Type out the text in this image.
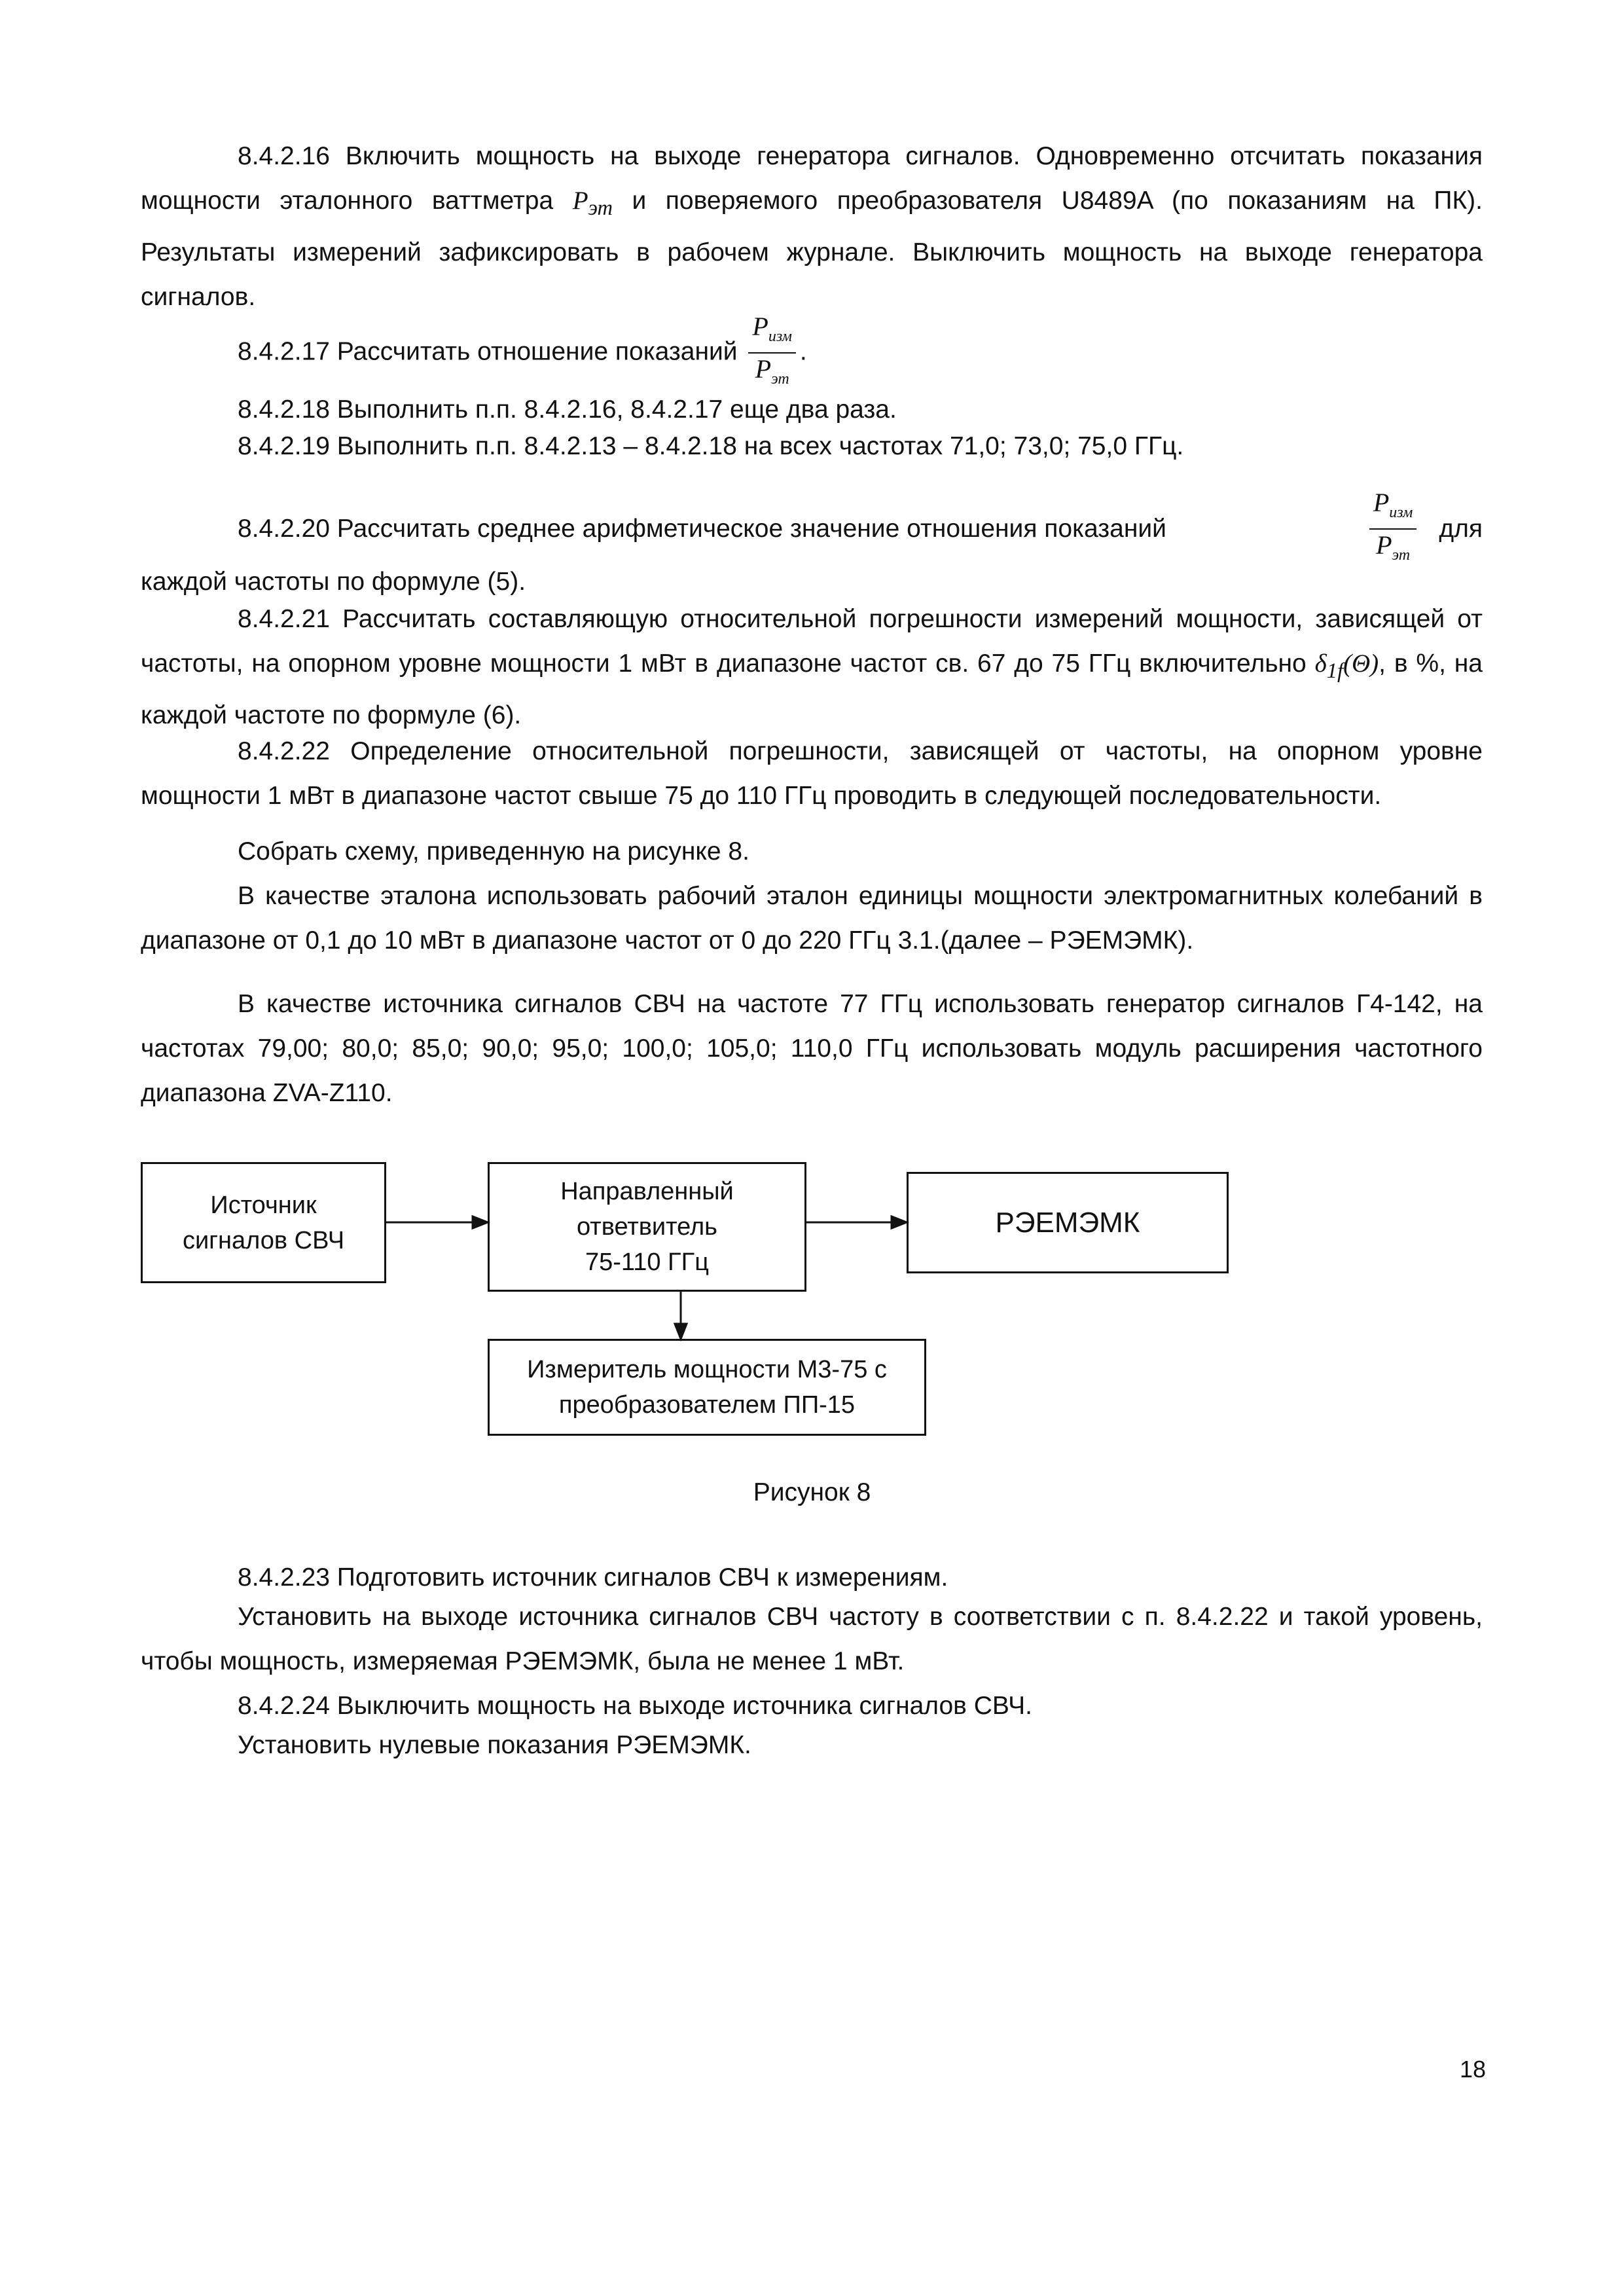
8.4.2.16 Включить мощность на выходе генератора сигналов. Одновременно отсчитать показания мощности эталонного ваттметра $P_{эт}$ и поверяемого преобразователя U8489A (по показаниям на ПК). Результаты измерений зафиксировать в рабочем журнале. Выключить мощность на выходе генератора сигналов.

8.4.2.17 Рассчитать отношение показаний $\frac{P_{изм}}{P_{эт}}$ .
8.4.2.18 Выполнить п.п. 8.4.2.16, 8.4.2.17 еще два раза.
8.4.2.19 Выполнить п.п. 8.4.2.13 – 8.4.2.18 на всех частотах 71,0; 73,0; 75,0 ГГц.
8.4.2.20 Рассчитать среднее арифметическое значение отношения показаний	$\frac{P_{изм}}{P_{эт}}$ для

каждой частоты по формуле (5).

8.4.2.21 Рассчитать составляющую относительной погрешности измерений мощности, зависящей от частоты, на опорном уровне мощности 1 мВт в диапазоне частот св. 67 до 75 ГГц включительно $\delta_{1f}(\Theta)$, в %, на каждой частоте по формуле (6).

8.4.2.22 Определение относительной погрешности, зависящей от частоты, на опорном уровне мощности 1 мВт в диапазоне частот свыше 75 до 110 ГГц проводить в следующей последовательности.

Собрать схему, приведенную на рисунке 8.

В качестве эталона использовать рабочий эталон единицы мощности электромагнитных колебаний в диапазоне от 0,1 до 10 мВт в диапазоне частот от 0 до 220 ГГц 3.1.(далее – РЭЕМЭМК).

В качестве источника сигналов СВЧ на частоте 77 ГГц использовать генератор сигналов Г4-142, на частотах 79,00; 80,0; 85,0; 90,0; 95,0; 100,0; 105,0; 110,0 ГГц использовать модуль расширения частотного диапазона ZVA-Z110.

Источник
сигналов СВЧ
Направленный
ответвитель
75-110 ГГц
РЭЕМЭМК
Измеритель мощности М3-75 с
преобразователем ПП-15
Рисунок 8

8.4.2.23 Подготовить источник сигналов СВЧ к измерениям.

Установить на выходе источника сигналов СВЧ частоту в соответствии с п. 8.4.2.22 и такой уровень, чтобы мощность, измеряемая РЭЕМЭМК, была не менее 1 мВт.

8.4.2.24 Выключить мощность на выходе источника сигналов СВЧ.

Установить нулевые показания РЭЕМЭМК.

18
